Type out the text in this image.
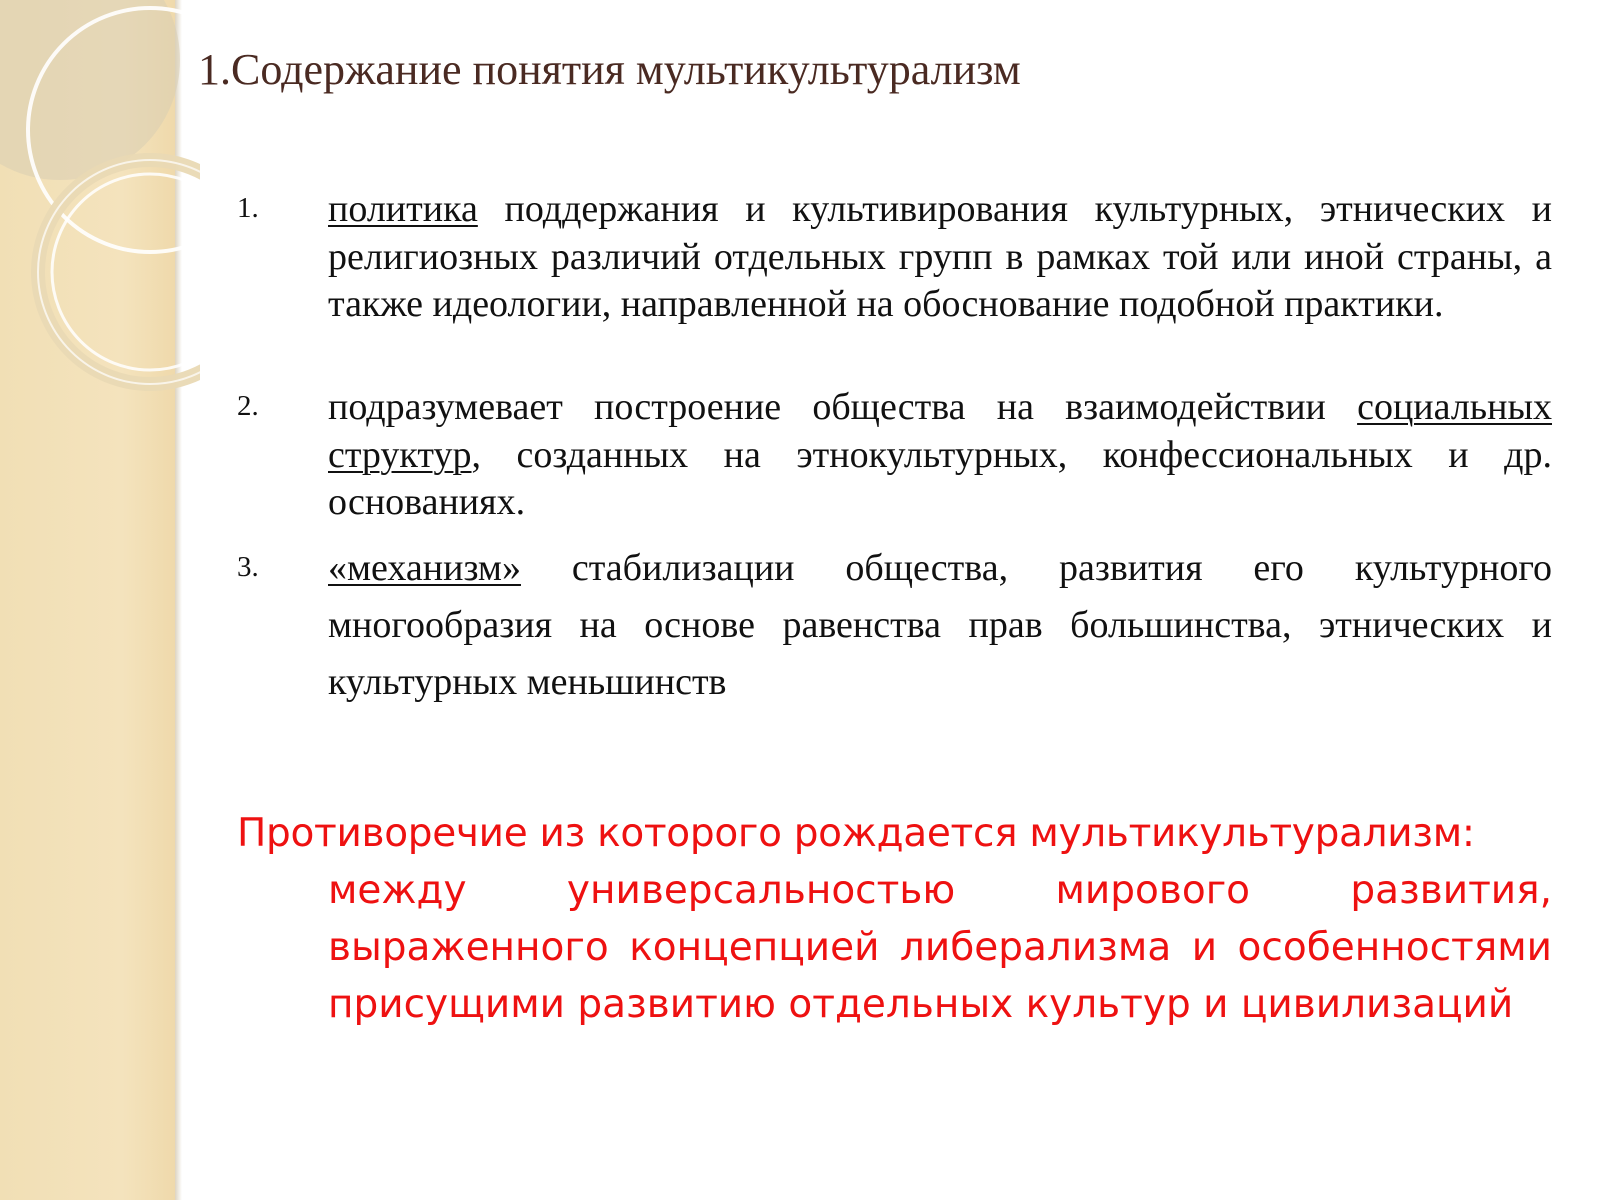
1.Содержание понятия мультикультурализм
1. политика поддержания и культивирования культурных, этнических и религиозных различий отдельных групп в рамках той или иной страны, а также идеологии, направленной на обоснование подобной практики.
2. подразумевает построение общества на взаимодействии социальных структур, созданных на этнокультурных, конфессиональных и др. основаниях.
3. «механизм» стабилизации общества, развития его культурного многообразия на основе равенства прав большинства, этнических и культурных меньшинств
Противоречие из которого рождается мультикультурализм:
между универсальностью мирового развития, выраженного концепцией либерализма и особенностями присущими развитию отдельных культур и цивилизаций
